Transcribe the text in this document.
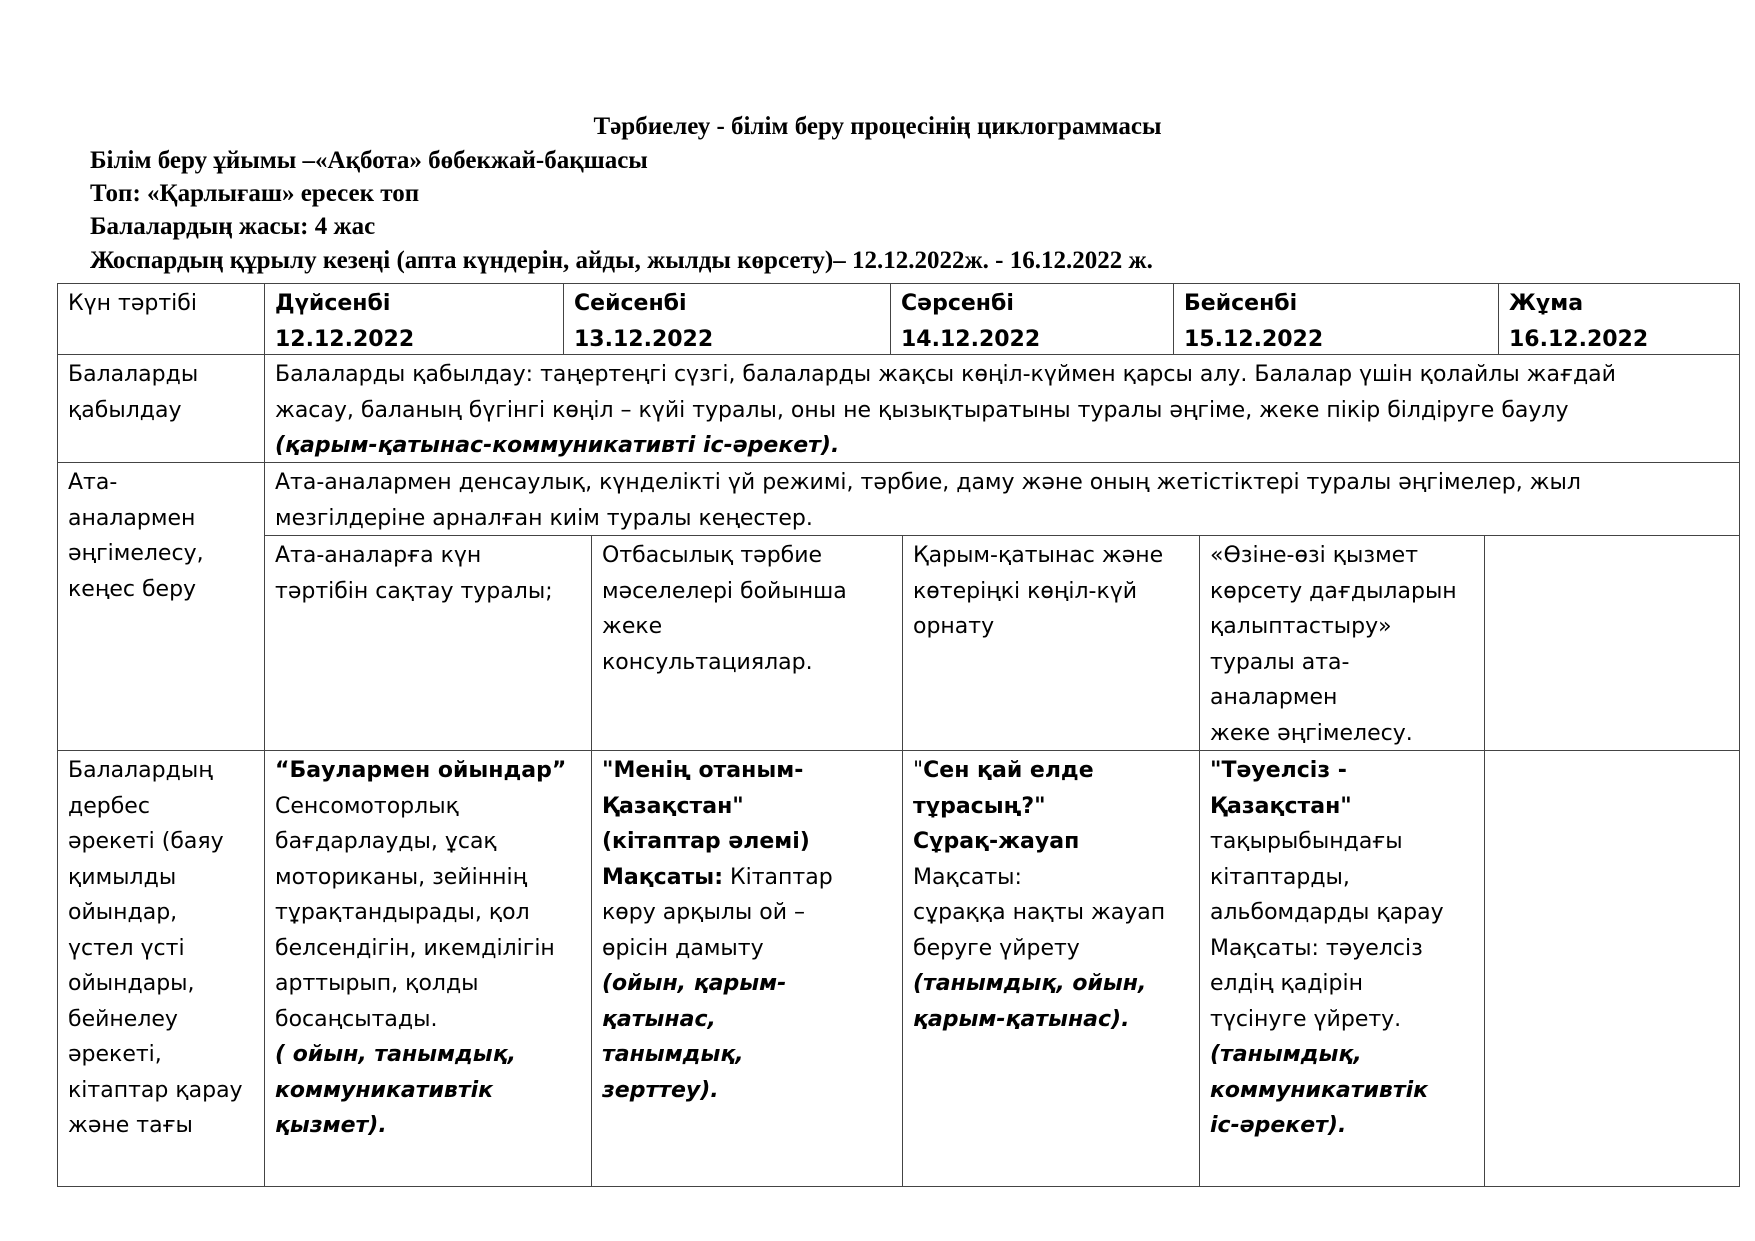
Тәрбиелеу - білім беру процесінің циклограммасы
Білім беру ұйымы –«Ақбота» бөбекжай-бақшасы
Топ: «Қарлығаш» ересек топ
Балалардың жасы: 4 жас
Жоспардың құрылу кезеңі (апта күндерін, айды, жылды көрсету)– 12.12.2022ж. - 16.12.2022 ж.
Күн тәртібі	Дүйсенбі
12.12.2022
Сейсенбі
13.12.2022
Сәрсенбі
14.12.2022
Бейсенбі
15.12.2022
Жұма
16.12.2022
Балаларды
қабылдау
Балаларды қабылдау: таңертеңгі сүзгі, балаларды жақсы көңіл-күймен қарсы алу. Балалар үшін қолайлы жағдай
жасау, баланың бүгінгі көңіл – күйі туралы, оны не қызықтыратыны туралы әңгіме, жеке пікір білдіруге баулу
(қарым-қатынас-коммуникативті іс-әрекет).
Ата-
аналармен
әңгімелесу,
кеңес беру
Ата-аналармен денсаулық, күнделікті үй режимі, тәрбие, даму және оның жетістіктері туралы әңгімелер, жыл
мезгілдеріне арналған киім туралы кеңестер.
Ата-аналарға күн
тәртібін сақтау туралы;
Отбасылық тәрбие
мәселелері бойынша
жеке
консультациялар.
Қарым-қатынас және
көтеріңкі көңіл-күй
орнату
«Өзіне-өзі қызмет
көрсету дағдыларын
қалыптастыру»
туралы ата-
аналармен
жеке әңгімелесу.
Балалардың
дербес
әрекеті (баяу
қимылды
ойындар,
үстел үсті
ойындары,
бейнелеу
әрекеті,
кітаптар қарау
және тағы
“Баулармен ойындар”
Сенсомоторлық
бағдарлауды, ұсақ
моториканы, зейіннің
тұрақтандырады, қол
белсендігін, икемділігін
арттырып, қолды
босаңсытады.
( ойын, танымдық,
коммуникативтік
қызмет).
"Менің отаным-
Қазақстан"
(кітаптар әлемі)
Мақсаты: Кітаптар
көру арқылы ой –
өрісін дамыту
(ойын, қарым-
қатынас,
танымдық,
зерттеу).
"Сен қай елде
тұрасың?"
Сұрақ-жауап
Мақсаты:
сұраққа нақты жауап
беруге үйрету
(танымдық, ойын,
қарым-қатынас).
"Тәуелсіз -
Қазақстан"
тақырыбындағы
кітаптарды,
альбомдарды қарау
Мақсаты: тәуелсіз
елдің қадірін
түсінуге үйрету.
(танымдық,
коммуникативтік
іс-әрекет).
